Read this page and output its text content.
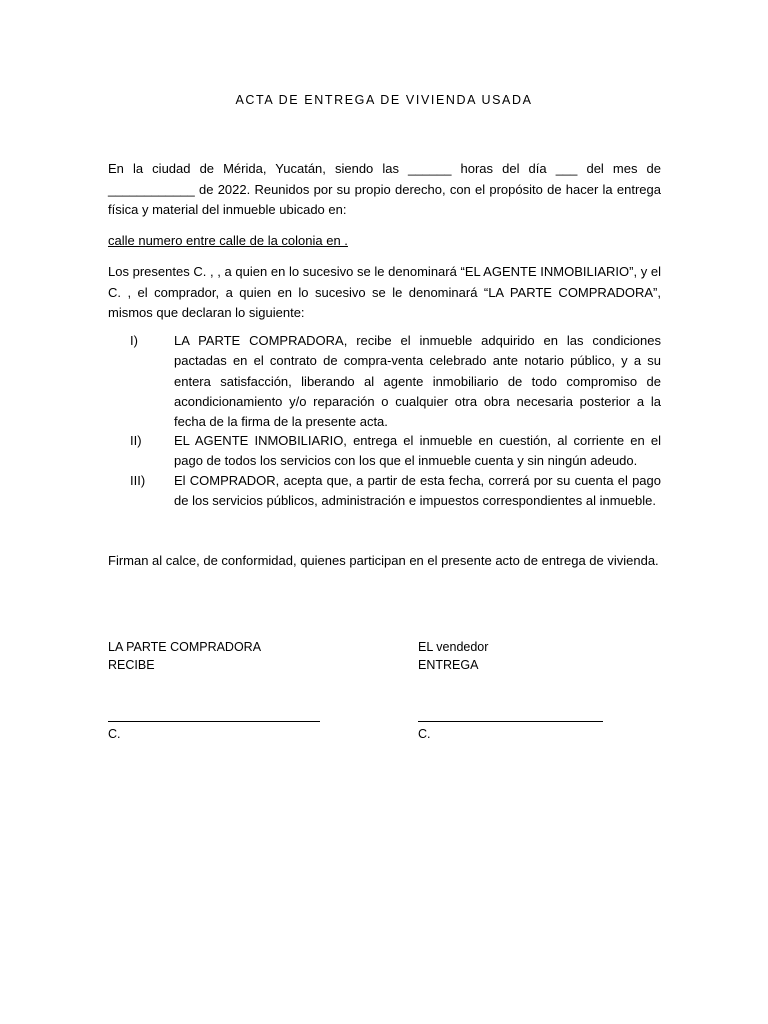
ACTA DE ENTREGA DE VIVIENDA USADA
En la ciudad de Mérida, Yucatán, siendo las ______ horas del día ___ del mes de ____________ de 2022. Reunidos por su propio derecho, con el propósito de hacer la entrega física y material del inmueble ubicado en:
calle numero entre calle de la colonia en .
Los presentes C. , , a quien en lo sucesivo se le denominará “EL AGENTE INMOBILIARIO”, y el C. , el comprador, a quien en lo sucesivo se le denominará “LA PARTE COMPRADORA”, mismos que declaran lo siguiente:
I)	LA PARTE COMPRADORA, recibe el inmueble adquirido en las condiciones pactadas en el contrato de compra-venta celebrado ante notario público, y a su entera satisfacción, liberando al agente inmobiliario de todo compromiso de acondicionamiento y/o reparación o cualquier otra obra necesaria posterior a la fecha de la firma de la presente acta.
II) EL AGENTE INMOBILIARIO, entrega el inmueble en cuestión, al corriente en el pago de todos los servicios con los que el inmueble cuenta y sin ningún adeudo.
III) El COMPRADOR, acepta que, a partir de esta fecha, correrá por su cuenta el pago de los servicios públicos, administración e impuestos correspondientes al inmueble.
Firman al calce, de conformidad, quienes participan en el presente acto de entrega de vivienda.
LA PARTE COMPRADORA
RECIBE
C.
EL vendedor
ENTREGA
C.
